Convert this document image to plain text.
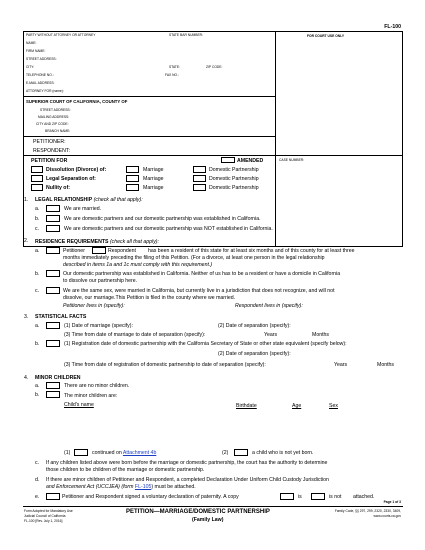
FL-100
PARTY WITHOUT ATTORNEY OR ATTORNEY	STATE BAR NUMBER:
NAME:
FIRM NAME:
STREET ADDRESS:
CITY:	STATE:	ZIP CODE:
TELEPHONE NO.:	FAX NO.:
E-MAIL ADDRESS:
ATTORNEY FOR (name):
FOR COURT USE ONLY
SUPERIOR COURT OF CALIFORNIA, COUNTY OF
STREET ADDRESS:
MAILING ADDRESS:
CITY AND ZIP CODE:
BRANCH NAME:
PETITIONER:
RESPONDENT:
PETITION FOR	AMENDED	CASE NUMBER:
Dissolution (Divorce) of:	Marriage	Domestic Partnership
Legal Separation of:	Marriage	Domestic Partnership
Nullity of:	Marriage	Domestic Partnership
1. LEGAL RELATIONSHIP (check all that apply):
a.	We are married.
b.	We are domestic partners and our domestic partnership was established in California.
c.	We are domestic partners and our domestic partnership was NOT established in California.
2. RESIDENCE REQUIREMENTS (check all that apply):
a.	Petitioner	Respondent has been a resident of this state for at least six months and of this county for at least three
months immediately preceding the filing of this Petition. (For a divorce, at least one person in the legal relationship
described in items 1a and 1c must comply with this requirement.)
b.	Our domestic partnership was established in California. Neither of us has to be a resident or have a domicile in California
to dissolve our partnership here.
c.	We are the same sex, were married in California, but currently live in a jurisdiction that does not recognize, and will not
dissolve, our marriage.This Petition is filed in the county where we married.
Petitioner lives in (specify):	Respondent lives in (specify):
3. STATISTICAL FACTS
a.	(1) Date of marriage (specify):	(2) Date of separation (specify):
(3) Time from date of marriage to date of separation (specify):	Years	Months
b.	(1) Registration date of domestic partnership with the California Secretary of State or other state equivalent (specify below):
(2) Date of separation (specify):
(3) Time from date of registration of domestic partnership to date of separation (specify):	Years	Months
4. MINOR CHILDREN
a.	There are no minor children.
b.	The minor children are:
Child's name	Birthdate	Age	Sex
(1)	continued on Attachment 4b	(2)	a child who is not yet born.
c. If any children listed above were born before the marriage or domestic partnership, the court has the authority to determine
those children to be children of the marriage or domestic partnership.
d. If there are minor children of Petitioner and Respondent, a completed Declaration Under Uniform Child Custody Jurisdiction
and Enforcement Act (UCCJEA) (form FL-105) must be attached.
e.	Petitioner and Respondent signed a voluntary declaration of paternity. A copy	is	is not attached.
Page 1 of 3
Form Adopted for Mandatory Use
Judicial Council of California
FL-100 [Rev. July 1, 2016]
PETITION—MARRIAGE/DOMESTIC PARTNERSHIP
(Family Law)
Family Code, §§ 297, 299, 2320, 2330, 3409,
www.courts.ca.gov
